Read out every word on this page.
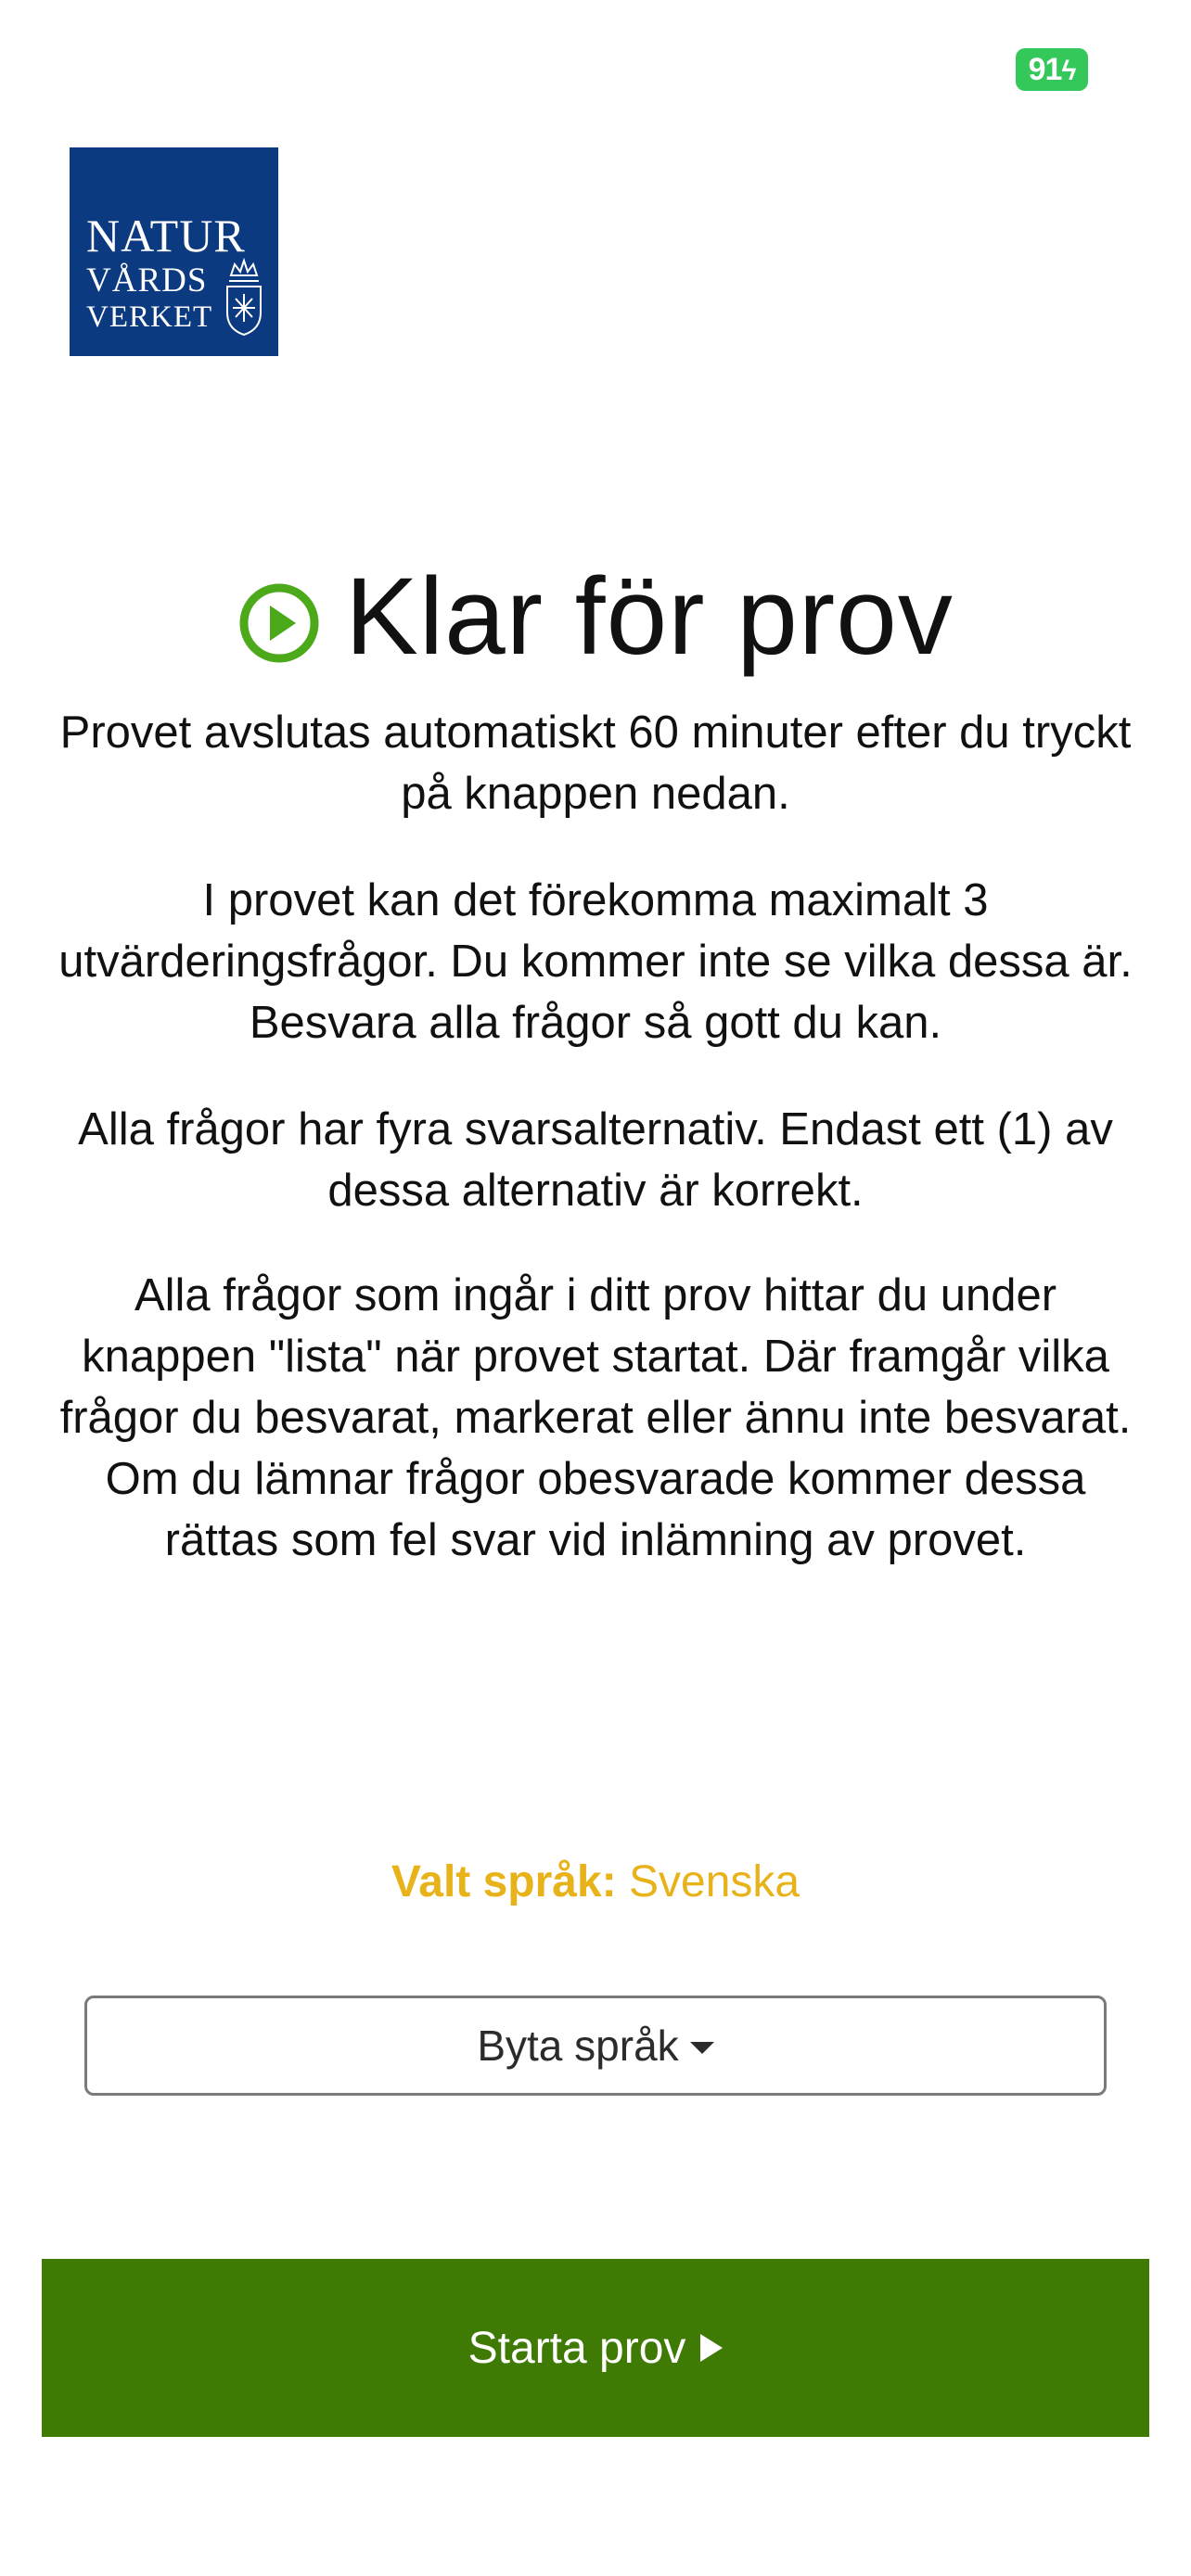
91ϟ
NATUR
VÅRDS
VERKET
Klar för prov

Provet avslutas automatiskt 60 minuter efter du tryckt på knappen nedan.

I provet kan det förekomma maximalt 3 utvärderingsfrågor. Du kommer inte se vilka dessa är. Besvara alla frågor så gott du kan.

Alla frågor har fyra svarsalternativ. Endast ett (1) av dessa alternativ är korrekt.

Alla frågor som ingår i ditt prov hittar du under knappen "lista" när provet startat. Där framgår vilka frågor du besvarat, markerat eller ännu inte besvarat. Om du lämnar frågor obesvarade kommer dessa rättas som fel svar vid inlämning av provet.

Valt språk: Svenska
Byta språk
Starta prov
